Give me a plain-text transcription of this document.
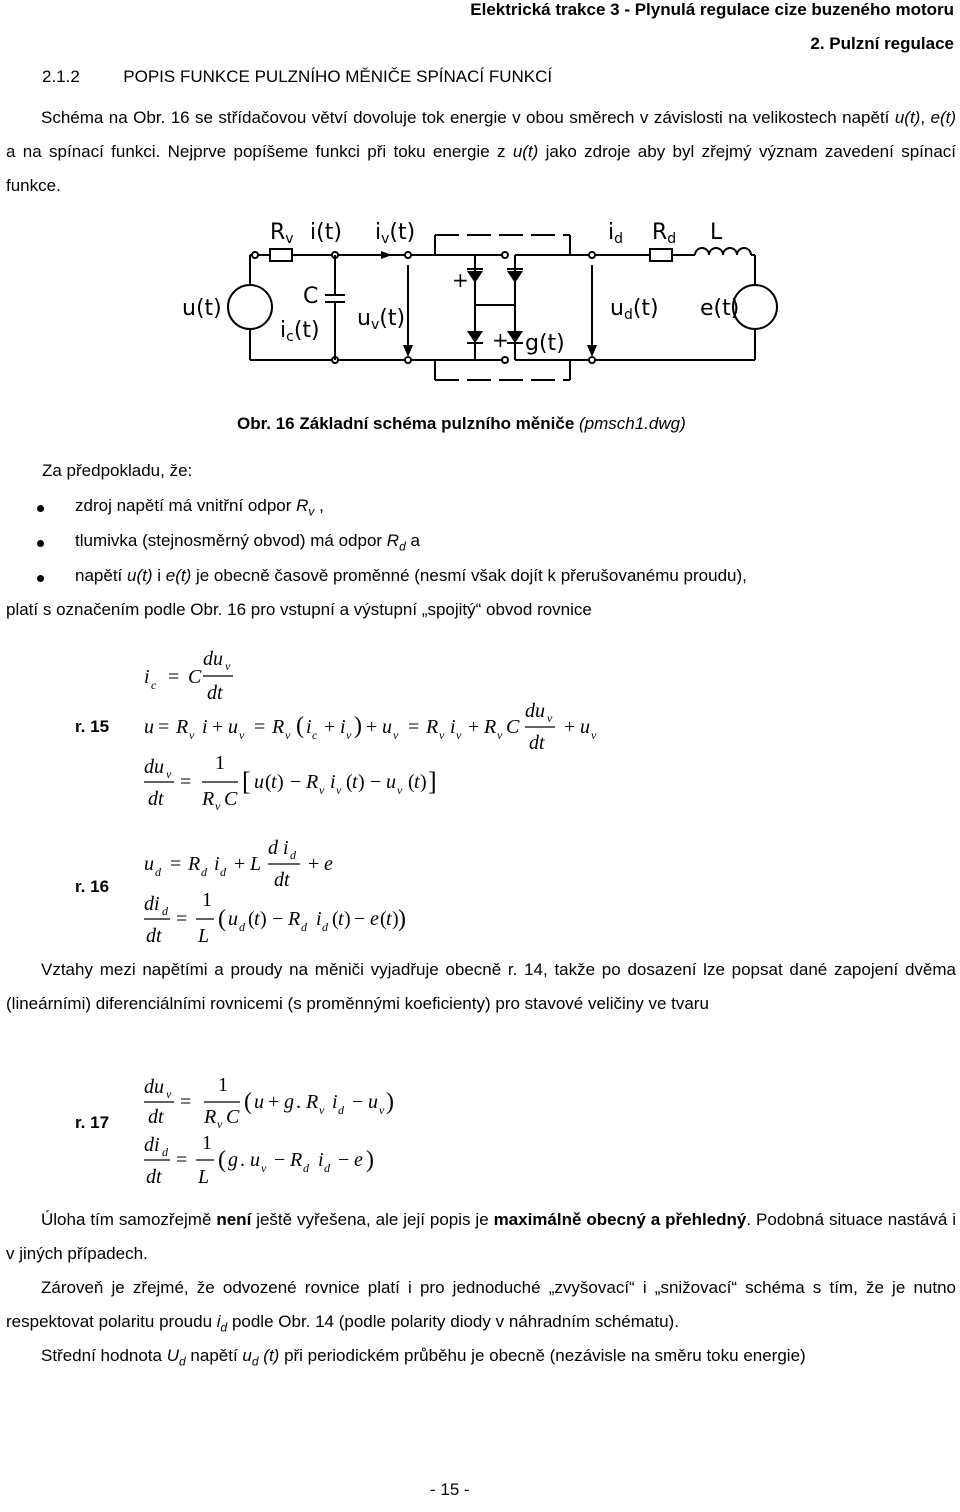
Elektrická trakce 3 - Plynulá regulace cize buzeného motoru
2. Pulzní regulace
2.1.2	POPIS FUNKCE PULZNÍHO MĚNIČE SPÍNACÍ FUNKCÍ
Schéma na Obr. 16 se střídačovou větví dovoluje tok energie v obou směrech v závislosti na velikostech napětí u(t), e(t) a na spínací funkci. Nejprve popíšeme funkci při toku energie z u(t) jako zdroje aby byl zřejmý význam zavedení spínací funkce.
Rv i(t) iv(t)	id Rd L
u(t)	C
ic(t) uv(t)	ud(t) e(t)
g(t)
+
+
Obr. 16 Základní schéma pulzního měniče (pmsch1.dwg)
Za předpokladu, že:
zdroj napětí má vnitřní odpor $R_v$ ,
tlumivka (stejnosměrný obvod) má odpor $R_d$ a
napětí u(t) i e(t) je obecně časově proměnné (nesmí však dojít k přerušovanému proudu),
platí s označením podle Obr. 16 pro vstupní a výstupní „spojitý“ obvod rovnice
r. 15
r. 16
r. 17
i c = C
du v
dt
u = R v i + u v = R v ( i c + i v ) + u v = R v i v + R v C
du v
dt
+ u v
du v
dt
=
1
R v C
[ u ( t ) − R v i v ( t ) − u v ( t ) ]
u d = R d i d + L
d i d
dt
+ e
di d
dt
=
1
L
( u d ( t ) − R d i d ( t ) − e ( t ) )
Vztahy mezi napětími a proudy na měniči vyjadřuje obecně r. 14, takže po dosazení lze popsat dané zapojení dvěma (lineárními) diferenciálními rovnicemi (s proměnnými koeficienty) pro stavové veličiny ve tvaru
du v
dt
=
1
R v C
( u + g . R v i d − u v )
di d
dt
=
1
L
( g . u v − R d i d − e )
Úloha tím samozřejmě není ještě vyřešena, ale její popis je maximálně obecný a přehledný. Podobná situace nastává i v jiných případech.
Zároveň je zřejmé, že odvozené rovnice platí i pro jednoduché „zvyšovací“ i „snižovací“ schéma s tím, že je nutno respektovat polaritu proudu $i_d$ podle Obr. 14 (podle polarity diody v náhradním schématu).
Střední hodnota $U_d$ napětí $u_d$ (t) při periodickém průběhu je obecně (nezávisle na směru toku energie)
- 15 -
